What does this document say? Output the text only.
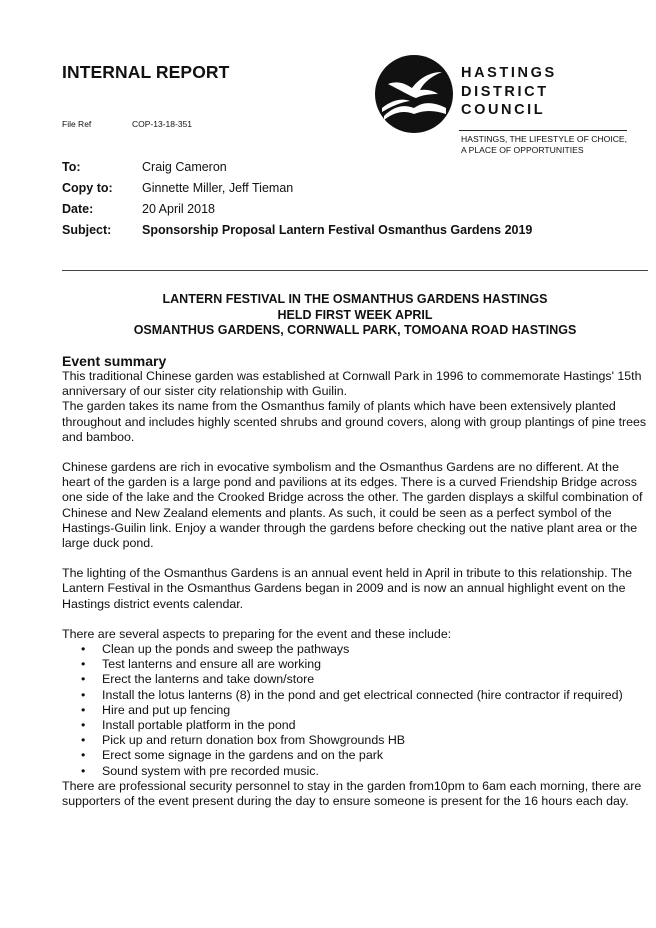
INTERNAL REPORT
File Ref	COP-13-18-351
HASTINGS
DISTRICT
COUNCIL
HASTINGS, THE LIFESTYLE OF CHOICE,
A PLACE OF OPPORTUNITIES
To:	Craig Cameron
Copy to: Ginnette Miller, Jeff Tieman
Date:	20 April 2018
Subject: Sponsorship Proposal Lantern Festival Osmanthus Gardens 2019
LANTERN FESTIVAL IN THE OSMANTHUS GARDENS HASTINGS
HELD FIRST WEEK APRIL
OSMANTHUS GARDENS, CORNWALL PARK, TOMOANA ROAD HASTINGS
Event summary

This traditional Chinese garden was established at Cornwall Park in 1996 to commemorate Hastings' 15th anniversary of our sister city relationship with Guilin.

The garden takes its name from the Osmanthus family of plants which have been extensively planted throughout and includes highly scented shrubs and ground covers, along with group plantings of pine trees and bamboo.

Chinese gardens are rich in evocative symbolism and the Osmanthus Gardens are no different. At the heart of the garden is a large pond and pavilions at its edges. There is a curved Friendship Bridge across one side of the lake and the Crooked Bridge across the other. The garden displays a skilful combination of Chinese and New Zealand elements and plants. As such, it could be seen as a perfect symbol of the Hastings-Guilin link. Enjoy a wander through the gardens before checking out the native plant area or the large duck pond.

The lighting of the Osmanthus Gardens is an annual event held in April in tribute to this relationship. The Lantern Festival in the Osmanthus Gardens began in 2009 and is now an annual highlight event on the Hastings district events calendar.

There are several aspects to preparing for the event and these include:

• Clean up the ponds and sweep the pathways
• Test lanterns and ensure all are working
• Erect the lanterns and take down/store
• Install the lotus lanterns (8) in the pond and get electrical connected (hire contractor if required)
• Hire and put up fencing
• Install portable platform in the pond
• Pick up and return donation box from Showgrounds HB
• Erect some signage in the gardens and on the park
• Sound system with pre recorded music.

There are professional security personnel to stay in the garden from10pm to 6am each morning, there are supporters of the event present during the day to ensure someone is present for the 16 hours each day.
